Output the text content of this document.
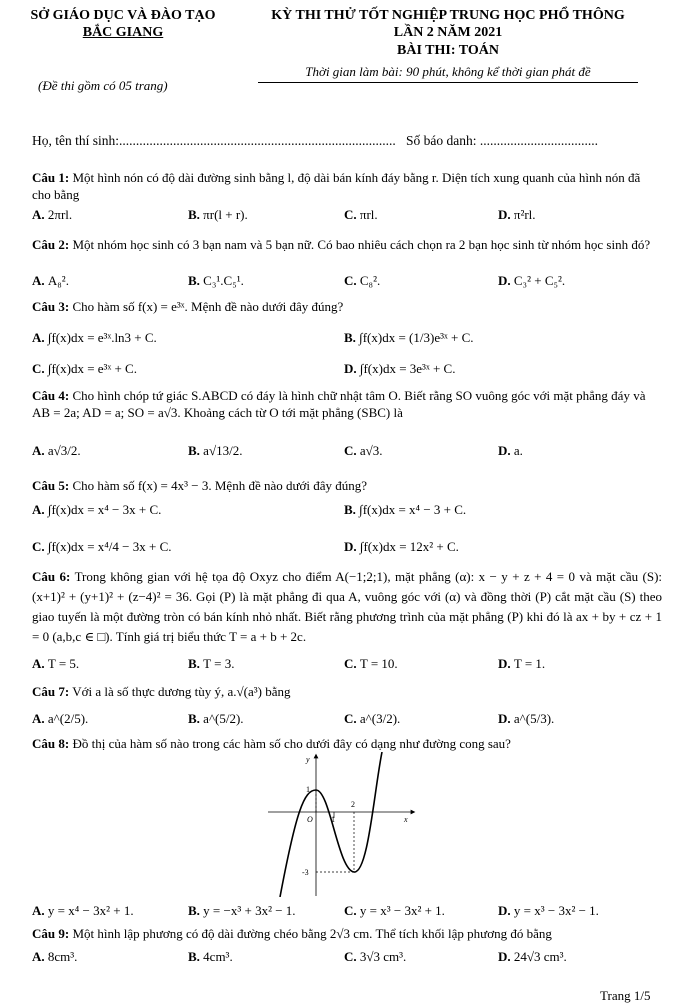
SỞ GIÁO DỤC VÀ ĐÀO TẠO
BẮC GIANG
KỲ THI THỬ TỐT NGHIỆP TRUNG HỌC PHỔ THÔNG
LẦN 2 NĂM 2021
BÀI THI: TOÁN
(Đề thi gồm có 05 trang)
Thời gian làm bài: 90 phút, không kể thời gian phát đề
Họ, tên thí sinh:.................................................................................. Số báo danh: ...................................
Câu 1: Một hình nón có độ dài đường sinh bằng l, độ dài bán kính đáy bằng r. Diện tích xung quanh của hình nón đã cho bằng
A. 2πrl.	B. πr(l + r).	C. πrl.	D. π²rl.
Câu 2: Một nhóm học sinh có 3 bạn nam và 5 bạn nữ. Có bao nhiêu cách chọn ra 2 bạn học sinh từ nhóm học sinh đó?
A. A₈².	B. C₃¹.C₅¹.	C. C₈².	D. C₃² + C₅².
Câu 3: Cho hàm số f(x) = e³ˣ. Mệnh đề nào dưới đây đúng?
A. ∫f(x)dx = e³ˣ.ln3 + C.	B. ∫f(x)dx = (1/3)e³ˣ + C.
C. ∫f(x)dx = e³ˣ + C.	D. ∫f(x)dx = 3e³ˣ + C.
Câu 4: Cho hình chóp tứ giác S.ABCD có đáy là hình chữ nhật tâm O. Biết rằng SO vuông góc với mặt phẳng đáy và AB = 2a; AD = a; SO = a√3. Khoảng cách từ O tới mặt phẳng (SBC) là
A. a√3/2.	B. a√13/2.	C. a√3.	D. a.
Câu 5: Cho hàm số f(x) = 4x³ − 3. Mệnh đề nào dưới đây đúng?
A. ∫f(x)dx = x⁴ − 3x + C.	B. ∫f(x)dx = x⁴ − 3 + C.
C. ∫f(x)dx = x⁴/4 − 3x + C.	D. ∫f(x)dx = 12x² + C.
Câu 6: Trong không gian với hệ tọa độ Oxyz cho điểm A(−1;2;1), mặt phẳng (α): x − y + z + 4 = 0 và mặt cầu (S): (x+1)² + (y+1)² + (z−4)² = 36. Gọi (P) là mặt phẳng đi qua A, vuông góc với (α) và đồng thời (P) cắt mặt cầu (S) theo giao tuyến là một đường tròn có bán kính nhỏ nhất. Biết rằng phương trình của mặt phẳng (P) khi đó là ax + by + cz + 1 = 0 (a,b,c ∈ □). Tính giá trị biểu thức T = a + b + 2c.
A. T = 5.	B. T = 3.	C. T = 10.	D. T = 1.
Câu 7: Với a là số thực dương tùy ý, a.√(a³) bằng
A. a^(2/5).	B. a^(5/2).	C. a^(3/2).	D. a^(5/3).
Câu 8: Đồ thị của hàm số nào trong các hàm số cho dưới đây có dạng như đường cong sau?
y
x
O
1
1
2
-3
A. y = x⁴ − 3x² + 1.	B. y = −x³ + 3x² − 1.	C. y = x³ − 3x² + 1.	D. y = x³ − 3x² − 1.
Câu 9: Một hình lập phương có độ dài đường chéo bằng 2√3 cm. Thể tích khối lập phương đó bằng
A. 8cm³.	B. 4cm³.	C. 3√3 cm³.	D. 24√3 cm³.
Trang 1/5
